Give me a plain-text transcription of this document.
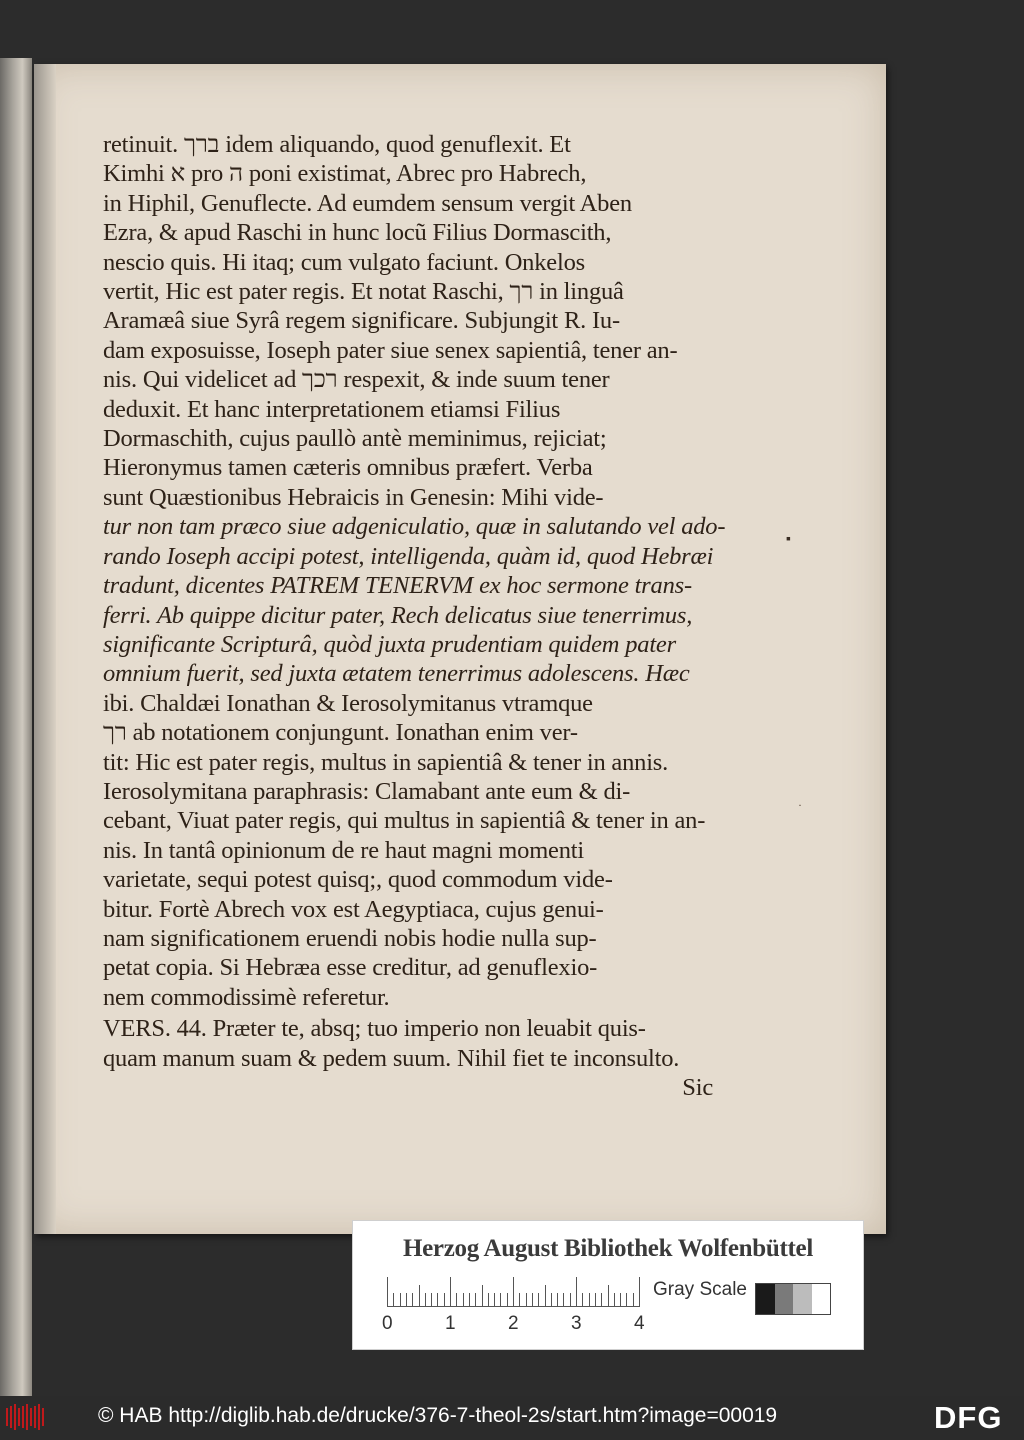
retinuit. ברך idem aliquando, quod genuflexit. Et
Kimhi א pro ה poni existimat, Abrec pro Habrech,
in Hiphil, Genuflecte. Ad eumdem sensum vergit Aben
Ezra, & apud Raschi in hunc locũ Filius Dormascith,
nescio quis. Hi itaq; cum vulgato faciunt. Onkelos
vertit, Hic est pater regis. Et notat Raschi, רך in linguâ
Aramæâ siue Syrâ regem significare. Subjungit R. Iu-
dam exposuisse, Ioseph pater siue senex sapientiâ, tener an-
nis. Qui videlicet ad רכך respexit, & inde suum tener
deduxit. Et hanc interpretationem etiamsi Filius
Dormaschith, cujus paullò antè meminimus, rejiciat;
Hieronymus tamen cæteris omnibus præfert. Verba
sunt Quæstionibus Hebraicis in Genesin: Mihi vide-
tur non tam præco siue adgeniculatio, quæ in salutando vel ado-
rando Ioseph accipi potest, intelligenda, quàm id, quod Hebræi
tradunt, dicentes PATREM TENERVM ex hoc sermone trans-
ferri. Ab quippe dicitur pater, Rech delicatus siue tenerrimus,
significante Scripturâ, quòd juxta prudentiam quidem pater
omnium fuerit, sed juxta ætatem tenerrimus adolescens. Hæc
ibi. Chaldæi Ionathan & Ierosolymitanus vtramque
רך ab notationem conjungunt. Ionathan enim ver-
tit: Hic est pater regis, multus in sapientiâ & tener in annis.
Ierosolymitana paraphrasis: Clamabant ante eum & di-
cebant, Viuat pater regis, qui multus in sapientiâ & tener in an-
nis. In tantâ opinionum de re haut magni momenti
varietate, sequi potest quisq;, quod commodum vide-
bitur. Fortè Abrech vox est Aegyptiaca, cujus genui-
nam significationem eruendi nobis hodie nulla sup-
petat copia. Si Hebræa esse creditur, ad genuflexio-
nem commodissimè referetur.
VERS. 44. Præter te, absq; tuo imperio non leuabit quis-
quam manum suam & pedem suum. Nihil fiet te inconsulto.
Sic
▪
·
Herzog August Bibliothek Wolfenbüttel
0	1	2	3	4
Gray Scale
© HAB http://diglib.hab.de/drucke/376-7-theol-2s/start.htm?image=00019	DFG
